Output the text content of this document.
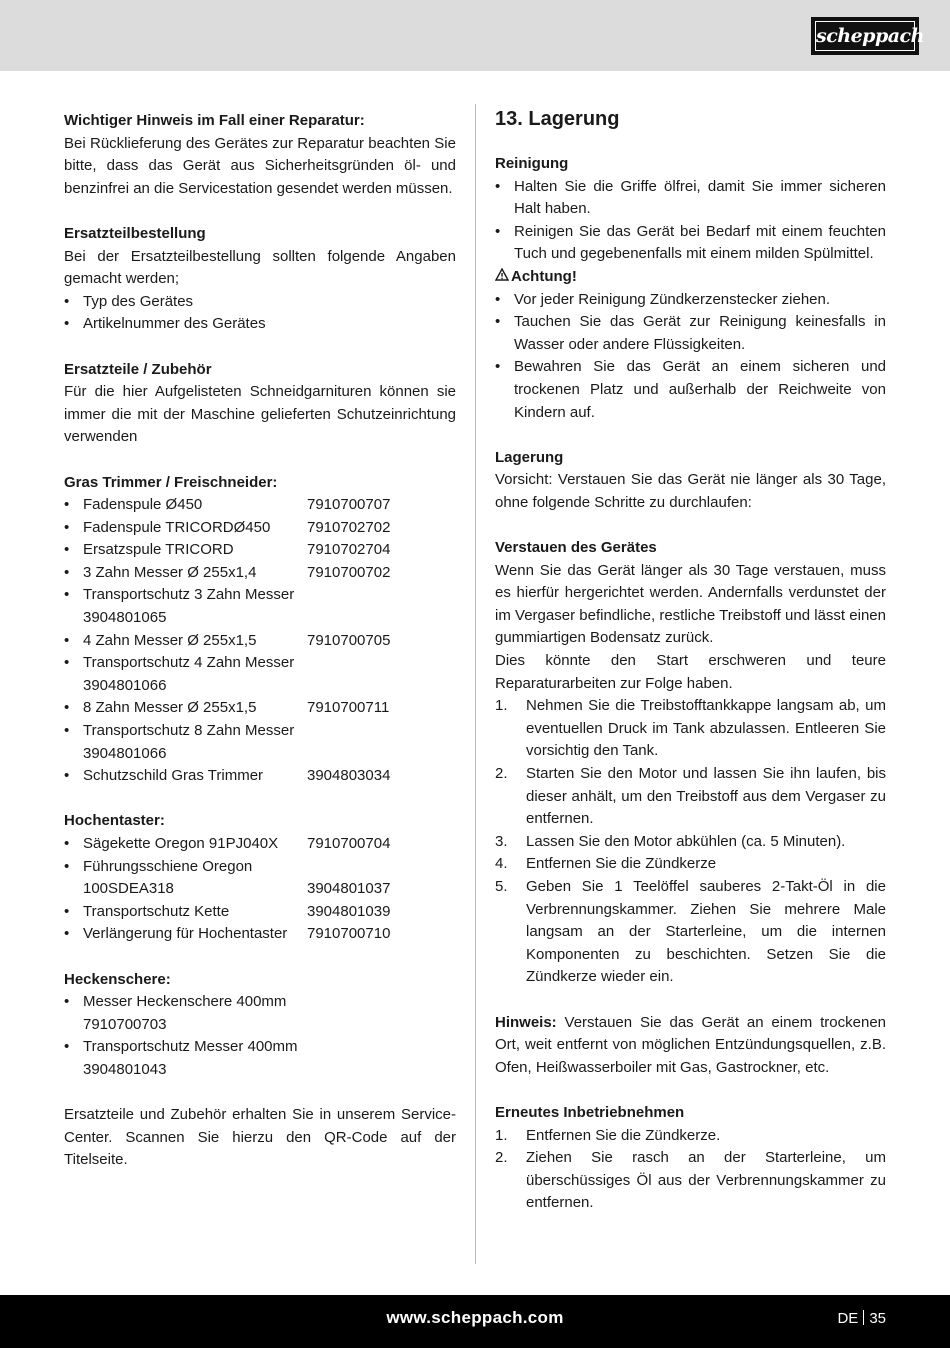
scheppach

Wichtiger Hinweis im Fall einer Reparatur:

Bei Rücklieferung des Gerätes zur Reparatur beachten Sie bitte, dass das Gerät aus Sicherheitsgründen öl- und benzinfrei an die Servicestation gesendet werden müssen.

Ersatzteilbestellung

Bei der Ersatzteilbestellung sollten folgende Angaben gemacht werden;

• Typ des Gerätes
• Artikelnummer des Gerätes

Ersatzteile / Zubehör

Für die hier Aufgelisteten Schneidgarnituren können sie immer die mit der Maschine gelieferten Schutzeinrichtung verwenden

Gras Trimmer / Freischneider:

• Fadenspule Ø450	7910700707
• Fadenspule TRICORDØ450 7910702702
• Ersatzspule TRICORD	7910702704
• 3 Zahn Messer Ø 255x1,4	7910700702
• Transportschutz 3 Zahn Messer
3904801065
• 4 Zahn Messer Ø 255x1,5	7910700705
• Transportschutz 4 Zahn Messer
3904801066
• 8 Zahn Messer Ø 255x1,5	7910700711
• Transportschutz 8 Zahn Messer
3904801066
• Schutzschild Gras Trimmer	3904803034

Hochentaster:

• Sägekette Oregon 91PJ040X 7910700704
• Führungsschiene Oregon
100SDEA318	3904801037
• Transportschutz Kette	3904801039
• Verlängerung für Hochentaster 7910700710

Heckenschere:

• Messer Heckenschere 400mm
7910700703
• Transportschutz Messer 400mm
3904801043

Ersatzteile und Zubehör erhalten Sie in unserem Service-Center. Scannen Sie hierzu den QR-Code auf der Titelseite.

13. Lagerung

Reinigung

• Halten Sie die Griffe ölfrei, damit Sie immer sicheren Halt haben.
• Reinigen Sie das Gerät bei Bedarf mit einem feuchten Tuch und gegebenenfalls mit einem milden Spülmittel.

Achtung!

• Vor jeder Reinigung Zündkerzenstecker ziehen.
• Tauchen Sie das Gerät zur Reinigung keinesfalls in Wasser oder andere Flüssigkeiten.
• Bewahren Sie das Gerät an einem sicheren und trockenen Platz und außerhalb der Reichweite von Kindern auf.

Lagerung

Vorsicht: Verstauen Sie das Gerät nie länger als 30 Tage, ohne folgende Schritte zu durchlaufen:

Verstauen des Gerätes

Wenn Sie das Gerät länger als 30 Tage verstauen, muss es hierfür hergerichtet werden. Andernfalls verdunstet der im Vergaser befindliche, restliche Treibstoff und lässt einen gummiartigen Bodensatz zurück.

Dies könnte den Start erschweren und teure Reparaturarbeiten zur Folge haben.

1. Nehmen Sie die Treibstofftankkappe langsam ab, um eventuellen Druck im Tank abzulassen. Entleeren Sie vorsichtig den Tank.
2. Starten Sie den Motor und lassen Sie ihn laufen, bis dieser anhält, um den Treibstoff aus dem Vergaser zu entfernen.
3. Lassen Sie den Motor abkühlen (ca. 5 Minuten).
4. Entfernen Sie die Zündkerze
5. Geben Sie 1 Teelöffel sauberes 2-Takt-Öl in die Verbrennungskammer. Ziehen Sie mehrere Male langsam an der Starterleine, um die internen Komponenten zu beschichten. Setzen Sie die Zündkerze wieder ein.

Hinweis: Verstauen Sie das Gerät an einem trockenen Ort, weit entfernt von möglichen Entzündungsquellen, z.B. Ofen, Heißwasserboiler mit Gas, Gastrockner, etc.

Erneutes Inbetriebnehmen

1. Entfernen Sie die Zündkerze.
2. Ziehen Sie rasch an der Starterleine, um überschüssiges Öl aus der Verbrennungskammer zu entfernen.
www.scheppach.com	DE 35
